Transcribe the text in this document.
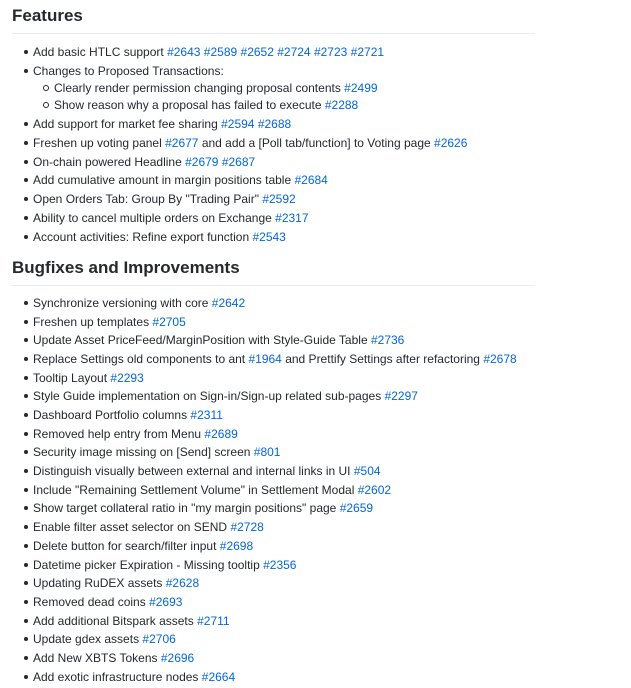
Features
Add basic HTLC support #2643 #2589 #2652 #2724 #2723 #2721
Changes to Proposed Transactions:
Clearly render permission changing proposal contents #2499
Show reason why a proposal has failed to execute #2288
Add support for market fee sharing #2594 #2688
Freshen up voting panel #2677 and add a [Poll tab/function] to Voting page #2626
On-chain powered Headline #2679 #2687
Add cumulative amount in margin positions table #2684
Open Orders Tab: Group By "Trading Pair" #2592
Ability to cancel multiple orders on Exchange #2317
Account activities: Refine export function #2543
Bugfixes and Improvements
Synchronize versioning with core #2642
Freshen up templates #2705
Update Asset PriceFeed/MarginPosition with Style-Guide Table #2736
Replace Settings old components to ant #1964 and Prettify Settings after refactoring #2678
Tooltip Layout #2293
Style Guide implementation on Sign-in/Sign-up related sub-pages #2297
Dashboard Portfolio columns #2311
Removed help entry from Menu #2689
Security image missing on [Send] screen #801
Distinguish visually between external and internal links in UI #504
Include "Remaining Settlement Volume" in Settlement Modal #2602
Show target collateral ratio in "my margin positions" page #2659
Enable filter asset selector on SEND #2728
Delete button for search/filter input #2698
Datetime picker Expiration - Missing tooltip #2356
Updating RuDEX assets #2628
Removed dead coins #2693
Add additional Bitspark assets #2711
Update gdex assets #2706
Add New XBTS Tokens #2696
Add exotic infrastructure nodes #2664
